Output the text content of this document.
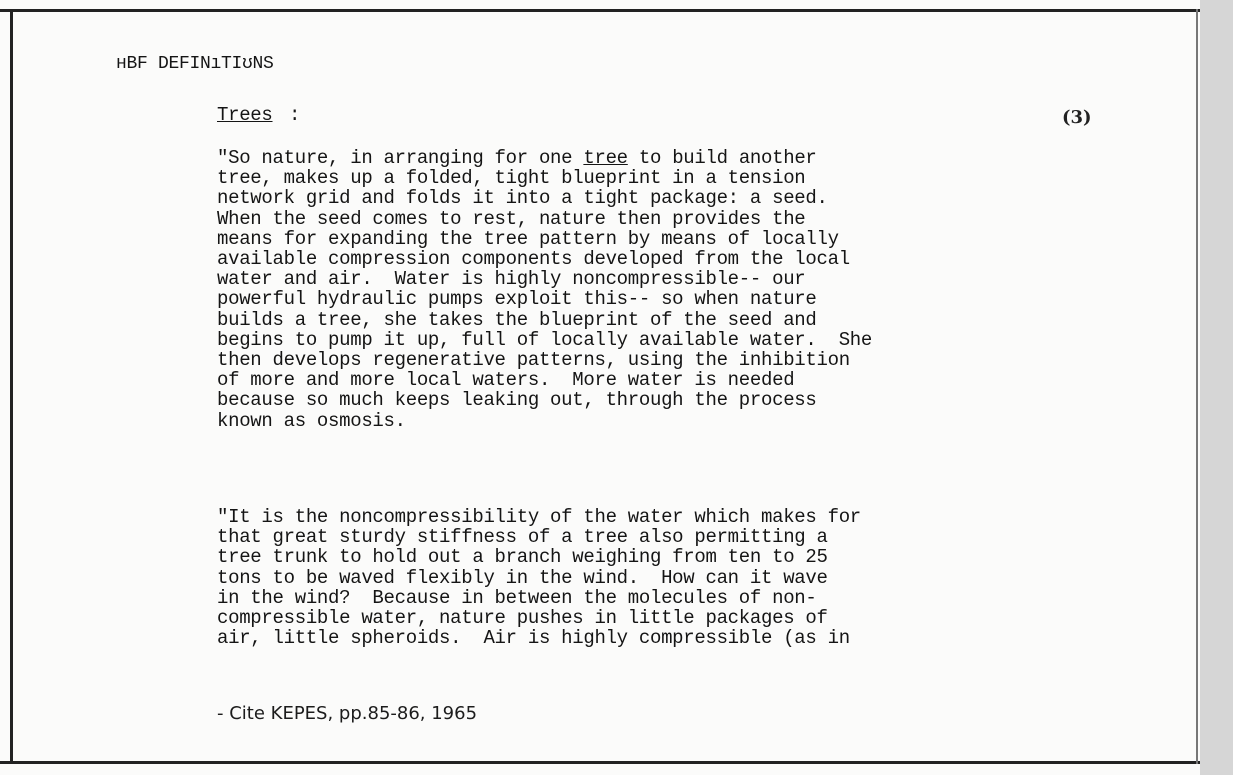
ʜBF DEFINıTIʊNS
Trees :	(3)
"So nature, in arranging for one tree to build another
tree, makes up a folded, tight blueprint in a tension
network grid and folds it into a tight package: a seed.
When the seed comes to rest, nature then provides the
means for expanding the tree pattern by means of locally
available compression components developed from the local
water and air.  Water is highly noncompressible-- our
powerful hydraulic pumps exploit this-- so when nature
builds a tree, she takes the blueprint of the seed and
begins to pump it up, full of locally available water.  She
then develops regenerative patterns, using the inhibition
of more and more local waters.  More water is needed
because so much keeps leaking out, through the process
known as osmosis.
"It is the noncompressibility of the water which makes for
that great sturdy stiffness of a tree also permitting a
tree trunk to hold out a branch weighing from ten to 25
tons to be waved flexibly in the wind.  How can it wave
in the wind?  Because in between the molecules of non-
compressible water, nature pushes in little packages of
air, little spheroids.  Air is highly compressible (as in
- Cite KEPES, pp.85-86, 1965
